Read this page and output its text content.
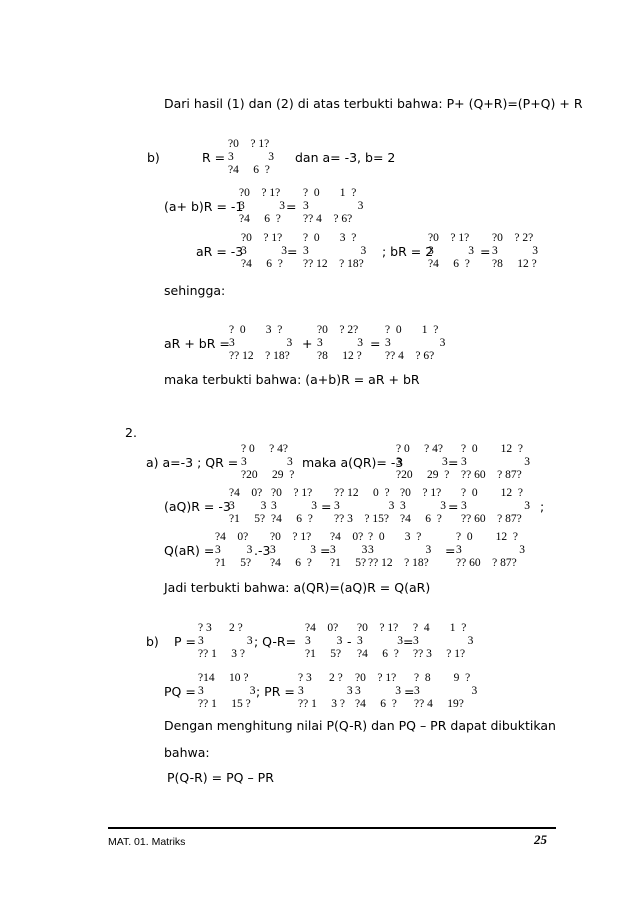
Dari hasil (1) dan (2) di atas terbukti bahwa: P+ (Q+R)=(P+Q) + R
b)	R =
?0    ? 1?
3            3
?4     6  ?
dan a= -3, b= 2
(a+ b)R = -1
?0    ? 1?
3            3
?4     6  ?
=
?  0       1  ?
3                 3
?? 4    ? 6?
aR = -3
?0    ? 1?
3            3
?4     6  ?
=
?  0       3  ?
3                  3
?? 12    ? 18?
; bR = 2
?0    ? 1?
3            3
?4     6  ?
=
?0    ? 2?
3            3
?8     12 ?
sehingga:
aR + bR =
?  0       3  ?
3                  3
?? 12    ? 18?
+
?0    ? 2?
3            3
?8     12 ?
=
?  0       1  ?
3                 3
?? 4    ? 6?
maka terbukti bahwa: (a+b)R = aR + bR
2.
a) a=-3 ; QR =
? 0     ? 4?
3              3
?20     29  ?
maka a(QR)= -3
? 0     ? 4?
3              3
?20     29  ?
=
?  0        12  ?
3                    3
?? 60    ? 87?
(aQ)R = -3
?4    0?
3         3
?1     5?
?0    ? 1?
3            3
?4     6  ?
=
?? 12     0  ?
3                 3
?? 3    ? 15?
?0    ? 1?
3            3
?4     6  ?
=
?  0        12  ?
3                    3
?? 60    ? 87?
;
Q(aR) =
?4    0?
3         3
?1     5?
.-3
?0    ? 1?
3            3
?4     6  ?
=
?4    0?
3         3
?1     5?
?  0       3  ?
3                  3
?? 12    ? 18?
=
?  0        12  ?
3                    3
?? 60    ? 87?
Jadi terbukti bahwa: a(QR)=(aQ)R = Q(aR)
b) P =
? 3      2 ?
3               3
?? 1     3 ?
; Q-R=
?4    0?
3         3
?1     5?
-
?0    ? 1?
3            3
?4     6  ?
=
?  4       1  ?
3                 3
?? 3     ? 1?
PQ =
?14     10 ?
3                3
?? 1     15 ?
; PR =
? 3      2 ?
3               3
?? 1     3 ?
?0    ? 1?
3            3
?4     6  ?
=
?  8        9  ?
3                  3
?? 4     19?
Dengan menghitung nilai P(Q-R) dan PQ – PR dapat dibuktikan
bahwa:
P(Q-R) = PQ – PR
MAT. 01. Matriks	25
